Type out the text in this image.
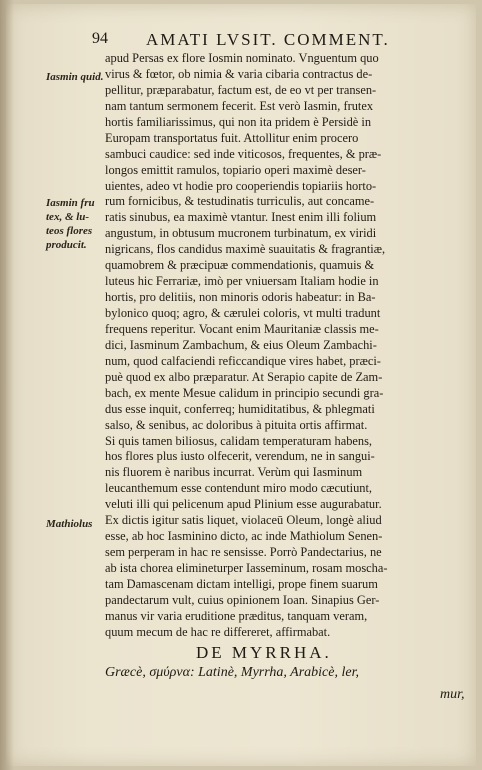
94 AMATI LVSIT. COMMENT.
Iasmin quid.
Iasmin fru tex, & lu- teos flores producit.
Mathiolus
apud Persas ex flore Iosmin nominato. Vnguentum quo
virus & fœtor, ob nimia & varia cibaria contractus de-
pellitur, præparabatur, factum est, de eo vt per transen-
nam tantum sermonem fecerit. Est verò Iasmin, frutex
hortis familiarissimus, qui non ita pridem è Persidè in
Europam transportatus fuit. Attollitur enim procero
sambuci caudice: sed inde viticosos, frequentes, & præ-
longos emittit ramulos, topiario operi maximè deser-
uientes, adeo vt hodie pro cooperiendis topiariis horto-
rum fornicibus, & testudinatis turriculis, aut concame-
ratis sinubus, ea maximè vtantur. Inest enim illi folium
angustum, in obtusum mucronem turbinatum, ex viridi
nigricans, flos candidus maximè suauitatis & fragrantiæ,
quamobrem & præcipuæ commendationis, quamuis &
luteus hic Ferrariæ, imò per vniuersam Italiam hodie in
hortis, pro delitiis, non minoris odoris habeatur: in Ba-
bylonico quoq; agro, & cærulei coloris, vt multi tradunt
frequens reperitur. Vocant enim Mauritaniæ classis me-
dici, Iasminum Zambachum, & eius Oleum Zambachi-
num, quod calfaciendi reficcandique vires habet, præci-
puè quod ex albo præparatur. At Serapio capite de Zam-
bach, ex mente Mesue calidum in principio secundi gra-
dus esse inquit, conferreq; humiditatibus, & phlegmati
salso, & senibus, ac doloribus à pituita ortis affirmat.
Si quis tamen biliosus, calidam temperaturam habens,
hos flores plus iusto olfecerit, verendum, ne in sangui-
nis fluorem è naribus incurrat. Verùm qui Iasminum
leucanthemum esse contendunt miro modo cæcutiunt,
veluti illi qui pelicenum apud Plinium esse augurabatur.
Ex dictis igitur satis liquet, violaceū Oleum, longè aliud
esse, ab hoc Iasminino dicto, ac inde Mathiolum Senen-
sem perperam in hac re sensisse. Porrò Pandectarius, ne
ab ista chorea elimineturper Iasseminum, rosam moscha-
tam Damascenam dictam intelligi, prope finem suarum
pandectarum vult, cuius opinionem Ioan. Sinapius Ger-
manus vir varia eruditione præditus, tanquam veram,
quum mecum de hac re differeret, affirmabat.
DE MYRRHA.
Græcè, σμύρνα: Latinè, Myrrha, Arabicè, ler,
mur,
